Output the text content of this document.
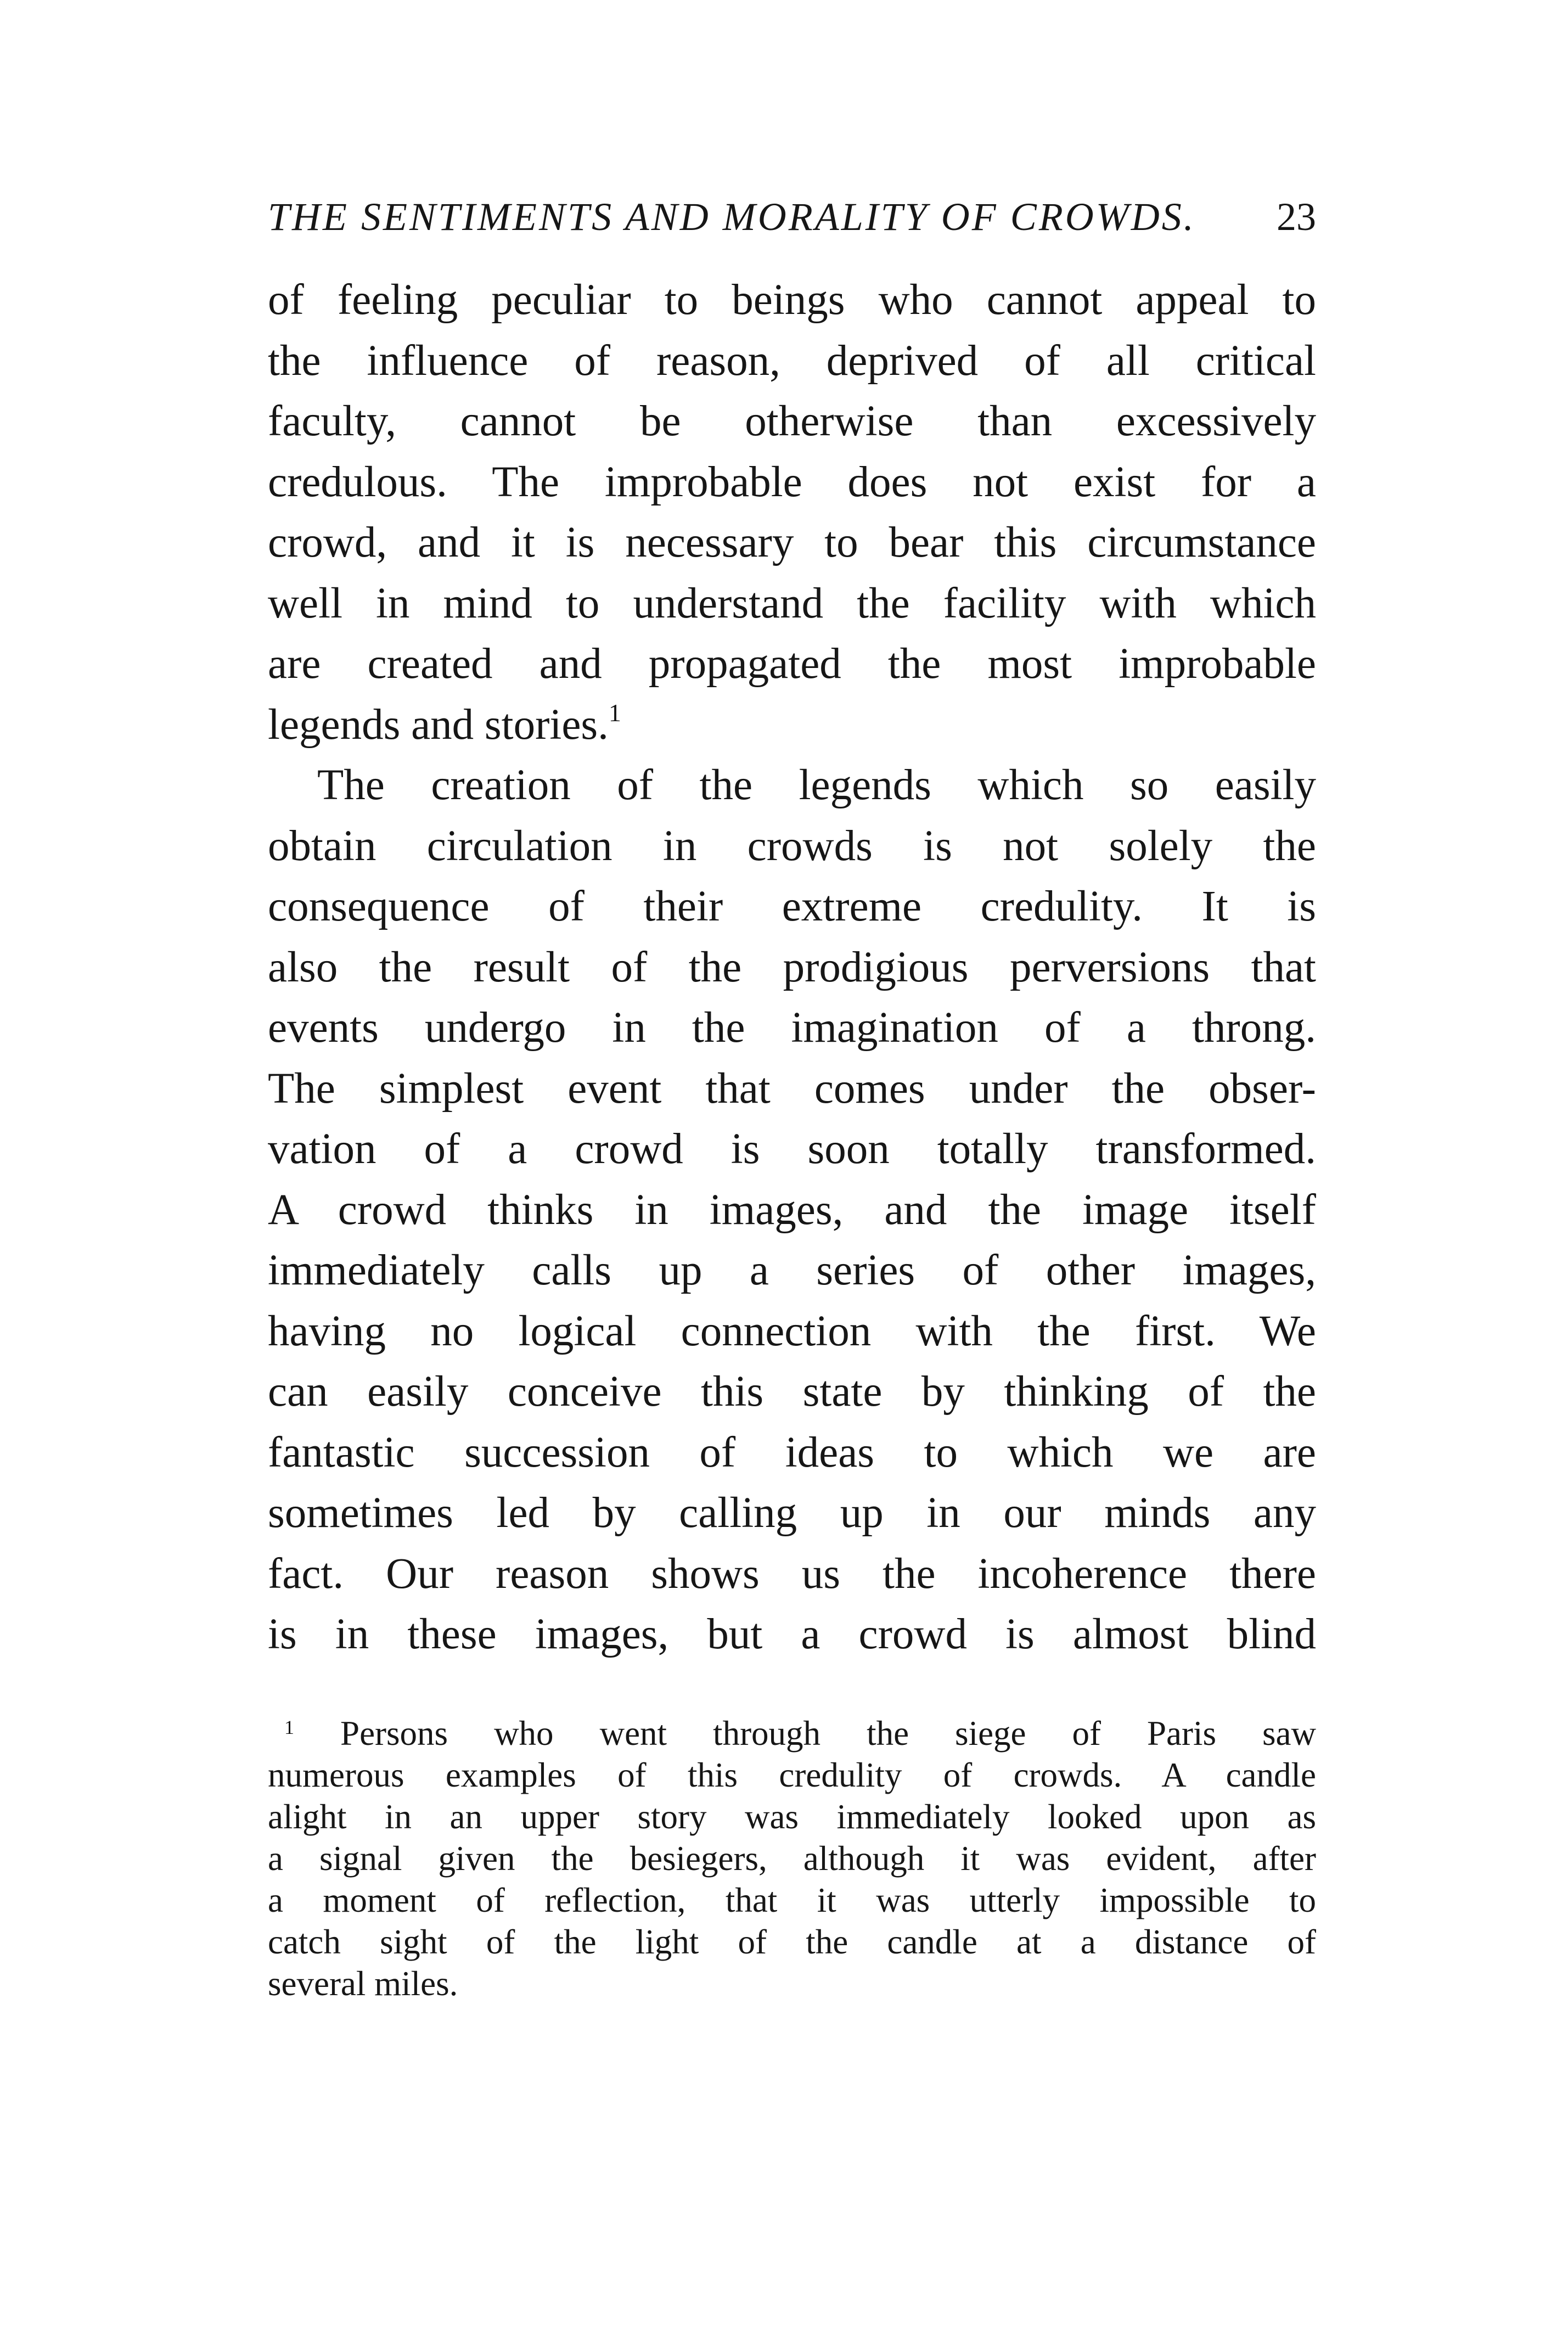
THE SENTIMENTS AND MORALITY OF CROWDS. 23
of feeling peculiar to beings who cannot appeal to
the influence of reason, deprived of all critical
faculty, cannot be otherwise than excessively
credulous. The improbable does not exist for a
crowd, and it is necessary to bear this circumstance
well in mind to understand the facility with which
are created and propagated the most improbable
legends and stories.$^1$
The creation of the legends which so easily
obtain circulation in crowds is not solely the
consequence of their extreme credulity. It is
also the result of the prodigious perversions that
events undergo in the imagination of a throng.
The simplest event that comes under the obser-
vation of a crowd is soon totally transformed.
A crowd thinks in images, and the image itself
immediately calls up a series of other images,
having no logical connection with the first. We
can easily conceive this state by thinking of the
fantastic succession of ideas to which we are
sometimes led by calling up in our minds any
fact. Our reason shows us the incoherence there
is in these images, but a crowd is almost blind
$^1$ Persons who went through the siege of Paris saw
numerous examples of this credulity of crowds. A candle
alight in an upper story was immediately looked upon as
a signal given the besiegers, although it was evident, after
a moment of reflection, that it was utterly impossible to
catch sight of the light of the candle at a distance of
several miles.
